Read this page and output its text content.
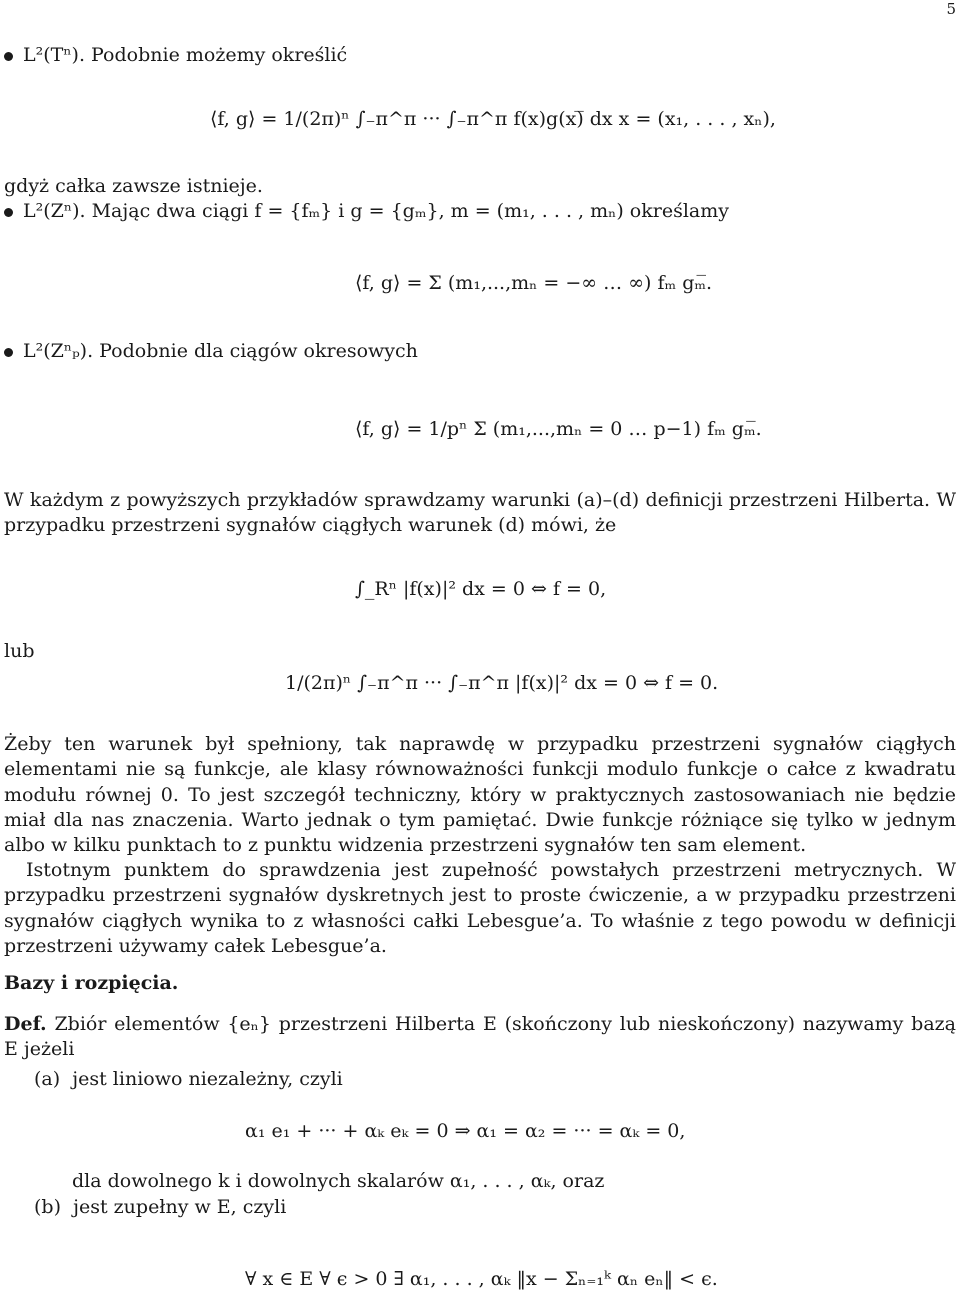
5
L²(Tⁿ). Podobnie możemy określić
⟨f, g⟩ = 1/(2π)ⁿ ∫₋π^π ··· ∫₋π^π f(x)g(x)̅ dx x = (x₁, . . . , xₙ),
gdyż całka zawsze istnieje.
L²(Zⁿ). Mając dwa ciągi f = {fₘ} i g = {gₘ}, m = (m₁, . . . , mₙ) określamy
⟨f, g⟩ = Σ (m₁,...,mₙ = −∞ … ∞) fₘ gₘ̅.
L²(Zⁿₚ). Podobnie dla ciągów okresowych
⟨f, g⟩ = 1/pⁿ Σ (m₁,...,mₙ = 0 … p−1) fₘ gₘ̅.
W każdym z powyższych przykładów sprawdzamy warunki (a)–(d) definicji przestrzeni Hilberta. W przypadku przestrzeni sygnałów ciągłych warunek (d) mówi, że
∫_Rⁿ |f(x)|² dx = 0 ⇔ f = 0,
lub
1/(2π)ⁿ ∫₋π^π ··· ∫₋π^π |f(x)|² dx = 0 ⇔ f = 0.
Żeby ten warunek był spełniony, tak naprawdę w przypadku przestrzeni sygnałów ciągłych elementami nie są funkcje, ale klasy równoważności funkcji modulo funkcje o całce z kwadratu modułu równej 0. To jest szczegół techniczny, który w praktycznych zastosowaniach nie będzie miał dla nas znaczenia. Warto jednak o tym pamiętać. Dwie funkcje różniące się tylko w jednym albo w kilku punktach to z punktu widzenia przestrzeni sygnałów ten sam element.
Istotnym punktem do sprawdzenia jest zupełność powstałych przestrzeni metrycznych. W przypadku przestrzeni sygnałów dyskretnych jest to proste ćwiczenie, a w przypadku przestrzeni sygnałów ciągłych wynika to z własności całki Lebesgue’a. To właśnie z tego powodu w definicji przestrzeni używamy całek Lebesgue’a.
Bazy i rozpięcia.
Def. Zbiór elementów {eₙ} przestrzeni Hilberta E (skończony lub nieskończony) nazywamy bazą E jeżeli
(a) jest liniowo niezależny, czyli
α₁ e₁ + ··· + αₖ eₖ = 0 ⇒ α₁ = α₂ = ··· = αₖ = 0,
dla dowolnego k i dowolnych skalarów α₁, . . . , αₖ, oraz
(b) jest zupełny w E, czyli
∀ x ∈ E ∀ ϵ > 0 ∃ α₁, . . . , αₖ ‖x − Σₙ₌₁ᵏ αₙ eₙ‖ < ϵ.
